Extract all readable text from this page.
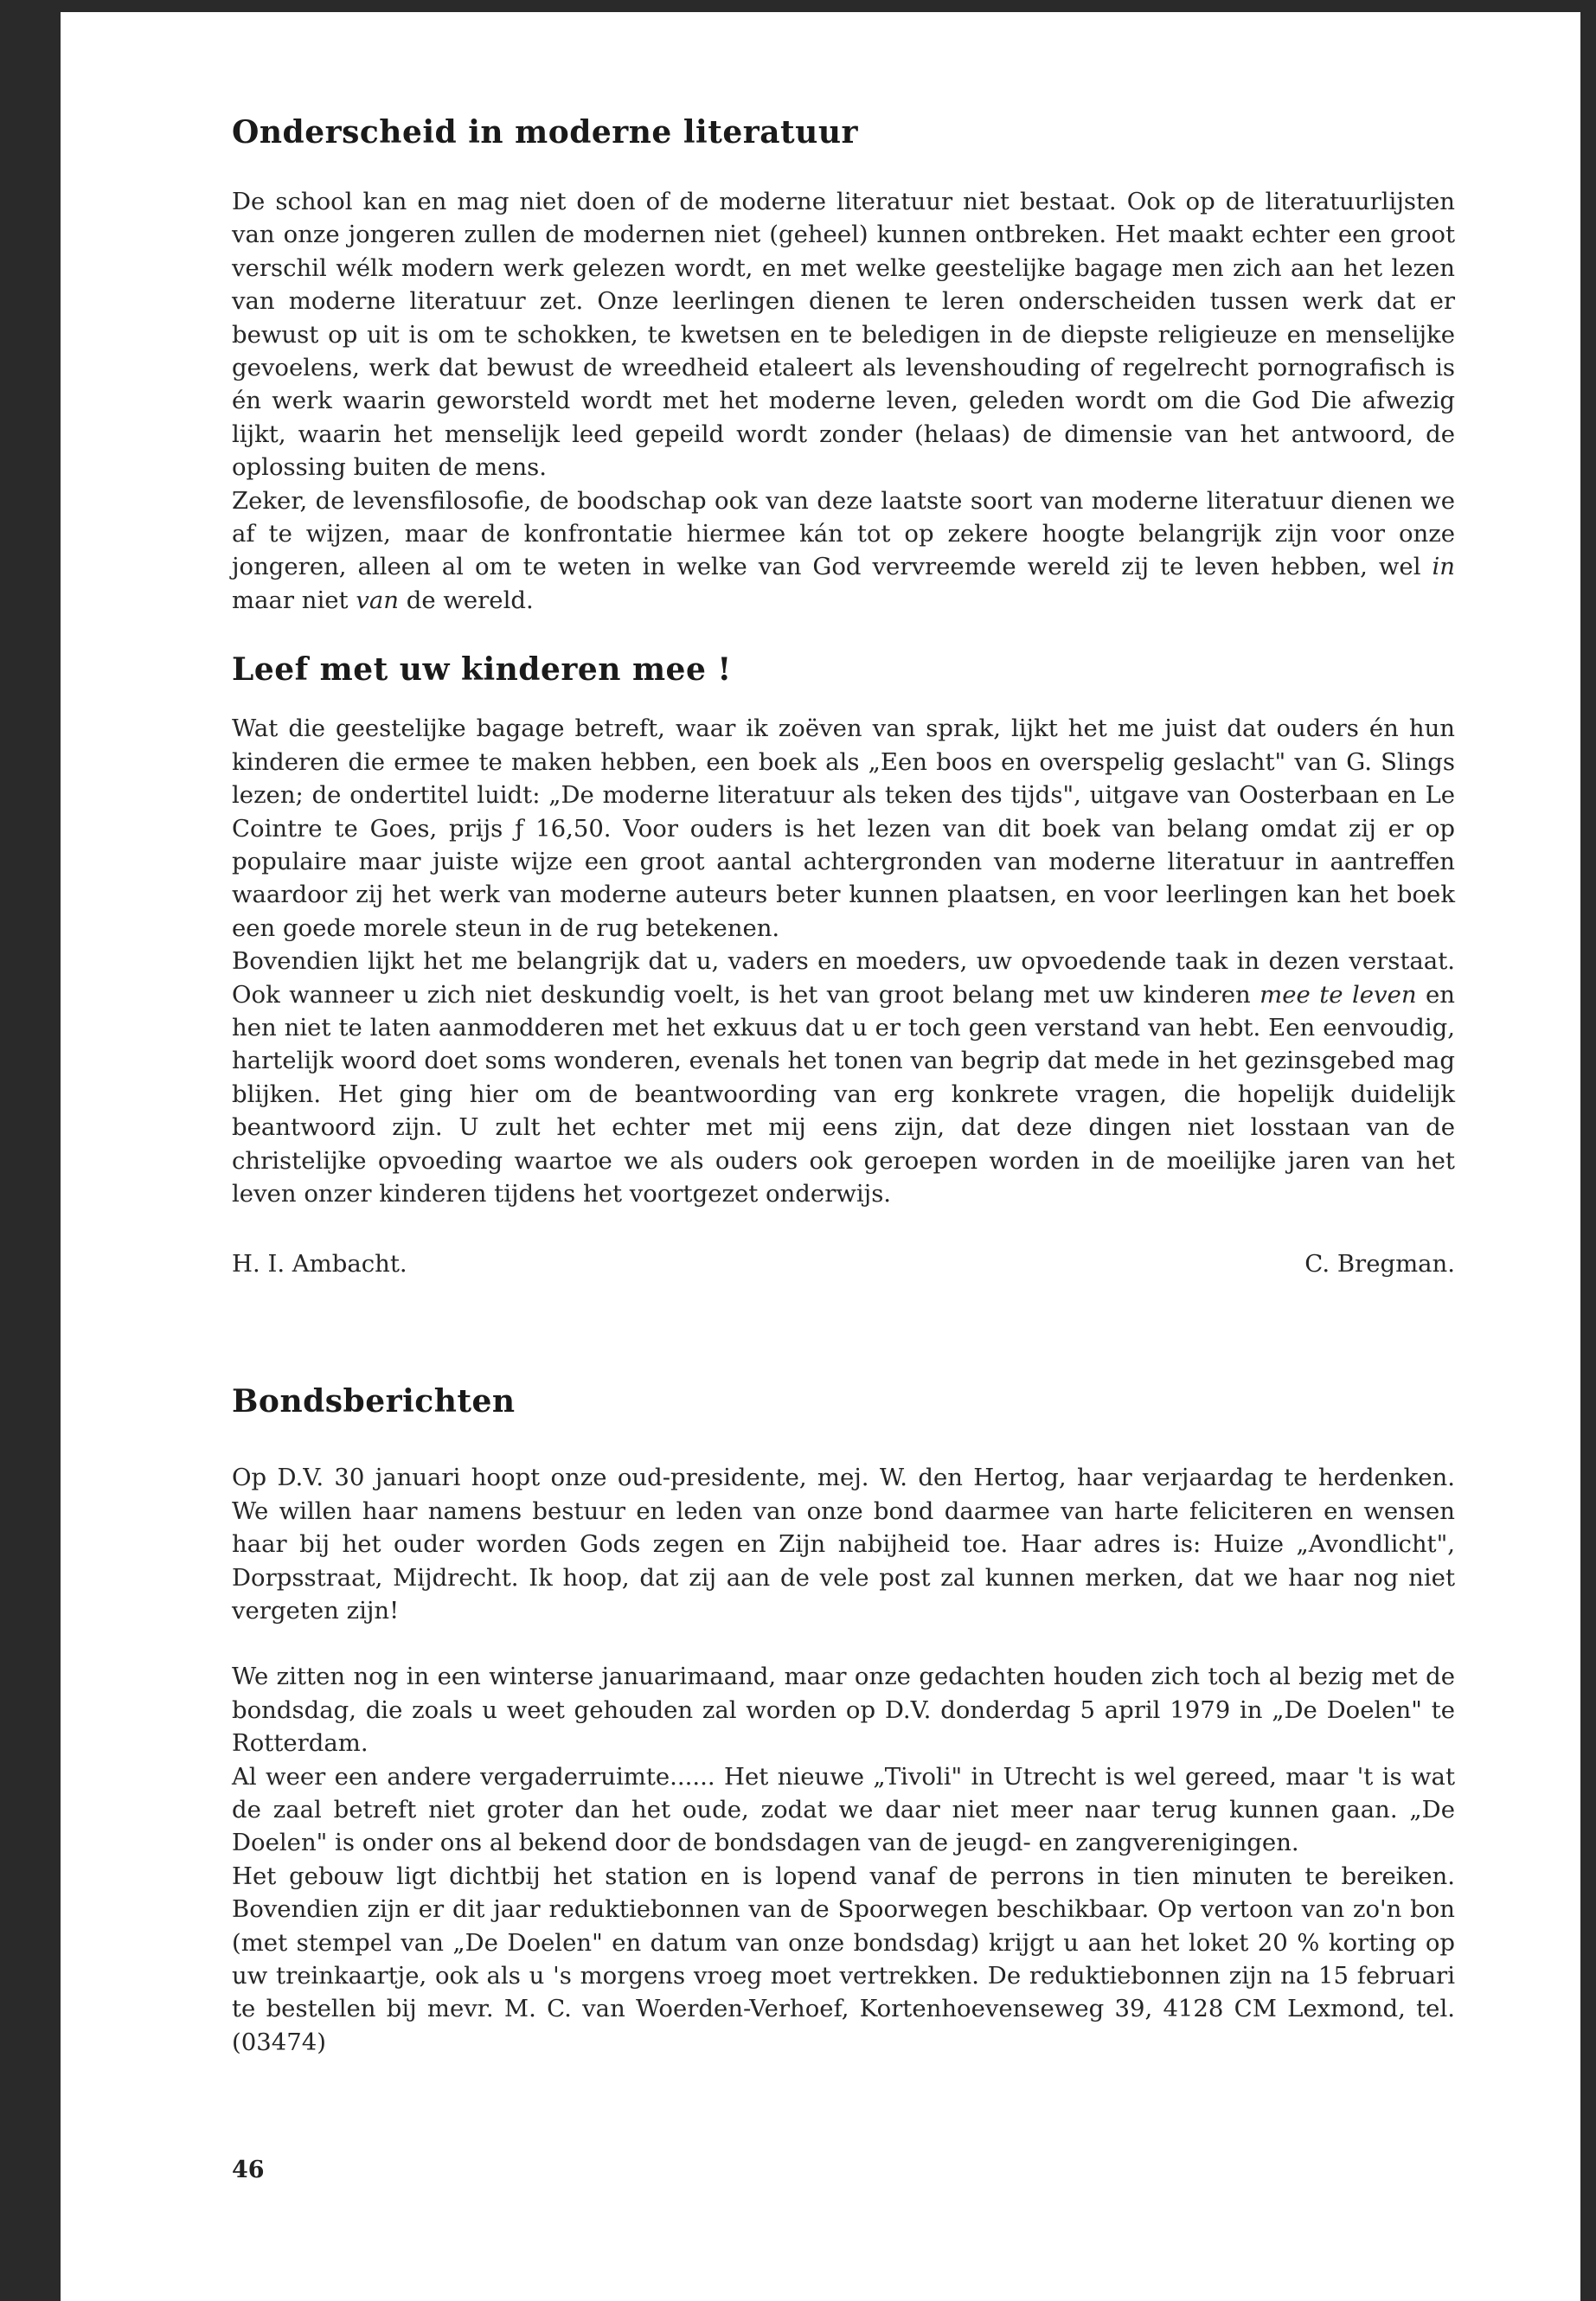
Onderscheid in moderne literatuur

De school kan en mag niet doen of de moderne literatuur niet bestaat. Ook op de literatuurlijsten van onze jongeren zullen de modernen niet (geheel) kunnen ontbreken. Het maakt echter een groot verschil wélk modern werk gelezen wordt, en met welke geestelijke bagage men zich aan het lezen van moderne literatuur zet. Onze leerlingen dienen te leren onderscheiden tussen werk dat er bewust op uit is om te schokken, te kwetsen en te beledigen in de diepste religieuze en menselijke gevoelens, werk dat bewust de wreedheid etaleert als levenshouding of regelrecht pornografisch is én werk waarin geworsteld wordt met het moderne leven, geleden wordt om die God Die afwezig lijkt, waarin het menselijk leed gepeild wordt zonder (helaas) de dimensie van het antwoord, de oplossing buiten de mens.

Zeker, de levensfilosofie, de boodschap ook van deze laatste soort van moderne literatuur dienen we af te wijzen, maar de konfrontatie hiermee kán tot op zekere hoogte belangrijk zijn voor onze jongeren, alleen al om te weten in welke van God vervreemde wereld zij te leven hebben, wel in maar niet van de wereld.

Leef met uw kinderen mee !

Wat die geestelijke bagage betreft, waar ik zoëven van sprak, lijkt het me juist dat ouders én hun kinderen die ermee te maken hebben, een boek als „Een boos en overspelig geslacht" van G. Slings lezen; de ondertitel luidt: „De moderne literatuur als teken des tijds", uitgave van Oosterbaan en Le Cointre te Goes, prijs ƒ 16,50. Voor ouders is het lezen van dit boek van belang omdat zij er op populaire maar juiste wijze een groot aantal achtergronden van moderne literatuur in aantreffen waardoor zij het werk van moderne auteurs beter kunnen plaatsen, en voor leerlingen kan het boek een goede morele steun in de rug betekenen.

Bovendien lijkt het me belangrijk dat u, vaders en moeders, uw opvoedende taak in dezen verstaat. Ook wanneer u zich niet deskundig voelt, is het van groot belang met uw kinderen mee te leven en hen niet te laten aanmodderen met het exkuus dat u er toch geen verstand van hebt. Een eenvoudig, hartelijk woord doet soms wonderen, evenals het tonen van begrip dat mede in het gezinsgebed mag blijken. Het ging hier om de beantwoording van erg konkrete vragen, die hopelijk duidelijk beantwoord zijn. U zult het echter met mij eens zijn, dat deze dingen niet losstaan van de christelijke opvoeding waartoe we als ouders ook geroepen worden in de moeilijke jaren van het leven onzer kinderen tijdens het voortgezet onderwijs.

H. I. Ambacht.	C. Bregman.
Bondsberichten

Op D.V. 30 januari hoopt onze oud-presidente, mej. W. den Hertog, haar verjaardag te herdenken. We willen haar namens bestuur en leden van onze bond daarmee van harte feliciteren en wensen haar bij het ouder worden Gods zegen en Zijn nabijheid toe. Haar adres is: Huize „Avondlicht", Dorpsstraat, Mijdrecht. Ik hoop, dat zij aan de vele post zal kunnen merken, dat we haar nog niet vergeten zijn!

We zitten nog in een winterse januarimaand, maar onze gedachten houden zich toch al bezig met de bondsdag, die zoals u weet gehouden zal worden op D.V. donderdag 5 april 1979 in „De Doelen" te Rotterdam.

Al weer een andere vergaderruimte...... Het nieuwe „Tivoli" in Utrecht is wel gereed, maar 't is wat de zaal betreft niet groter dan het oude, zodat we daar niet meer naar terug kunnen gaan. „De Doelen" is onder ons al bekend door de bondsdagen van de jeugd- en zangverenigingen.

Het gebouw ligt dichtbij het station en is lopend vanaf de perrons in tien minuten te bereiken. Bovendien zijn er dit jaar reduktiebonnen van de Spoorwegen beschikbaar. Op vertoon van zo'n bon (met stempel van „De Doelen" en datum van onze bondsdag) krijgt u aan het loket 20 % korting op uw treinkaartje, ook als u 's morgens vroeg moet vertrekken. De reduktiebonnen zijn na 15 februari te bestellen bij mevr. M. C. van Woerden-Verhoef, Kortenhoevenseweg 39, 4128 CM Lexmond, tel. (03474)

46
